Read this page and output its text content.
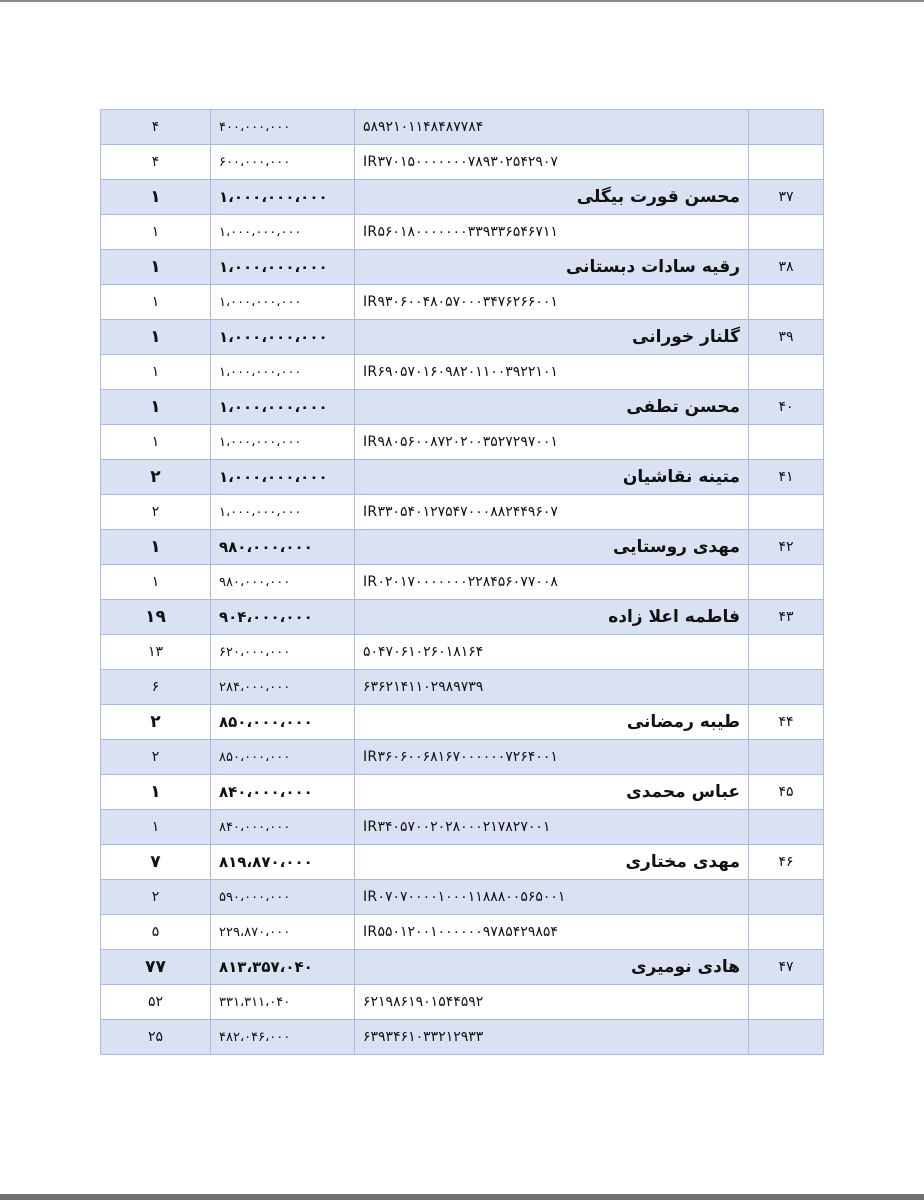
۴	۴۰۰،۰۰۰،۰۰۰	۵۸۹۲۱۰۱۱۴۸۴۸۷۷۸۴	
۴	۶۰۰،۰۰۰،۰۰۰	IR۳۷۰۱۵۰۰۰۰۰۰۰۷۸۹۳۰۲۵۴۲۹۰۷	
۱	۱،۰۰۰،۰۰۰،۰۰۰	محسن قورت بیگلی	۳۷
۱	۱،۰۰۰،۰۰۰،۰۰۰	IR۵۶۰۱۸۰۰۰۰۰۰۰۳۳۹۳۳۶۵۴۶۷۱۱	
۱	۱،۰۰۰،۰۰۰،۰۰۰	رقیه سادات دبستانی	۳۸
۱	۱،۰۰۰،۰۰۰،۰۰۰	IR۹۳۰۶۰۰۴۸۰۵۷۰۰۰۳۴۷۶۲۶۶۰۰۱	
۱	۱،۰۰۰،۰۰۰،۰۰۰	گلنار خورانی	۳۹
۱	۱،۰۰۰،۰۰۰،۰۰۰	IR۶۹۰۵۷۰۱۶۰۹۸۲۰۱۱۰۰۳۹۲۲۱۰۱	
۱	۱،۰۰۰،۰۰۰،۰۰۰	محسن تطفی	۴۰
۱	۱،۰۰۰،۰۰۰،۰۰۰	IR۹۸۰۵۶۰۰۸۷۲۰۲۰۰۳۵۲۷۲۹۷۰۰۱	
۲	۱،۰۰۰،۰۰۰،۰۰۰	متینه نقاشیان	۴۱
۲	۱،۰۰۰،۰۰۰،۰۰۰	IR۳۳۰۵۴۰۱۲۷۵۴۷۰۰۰۸۸۲۴۴۹۶۰۷	
۱	۹۸۰،۰۰۰،۰۰۰	مهدی روستایی	۴۲
۱	۹۸۰،۰۰۰،۰۰۰	IR۰۲۰۱۷۰۰۰۰۰۰۰۲۲۸۴۵۶۰۷۷۰۰۸	
۱۹	۹۰۴،۰۰۰،۰۰۰	فاطمه اعلا زاده	۴۳
۱۳	۶۲۰،۰۰۰،۰۰۰	۵۰۴۷۰۶۱۰۲۶۰۱۸۱۶۴	
۶	۲۸۴،۰۰۰،۰۰۰	۶۳۶۲۱۴۱۱۰۲۹۸۹۷۳۹	
۲	۸۵۰،۰۰۰،۰۰۰	طیبه رمضانی	۴۴
۲	۸۵۰،۰۰۰،۰۰۰	IR۳۶۰۶۰۰۶۸۱۶۷۰۰۰۰۰۰۷۲۶۴۰۰۱	
۱	۸۴۰،۰۰۰،۰۰۰	عباس محمدی	۴۵
۱	۸۴۰،۰۰۰،۰۰۰	IR۳۴۰۵۷۰۰۲۰۲۸۰۰۰۲۱۷۸۲۷۰۰۱	
۷	۸۱۹،۸۷۰،۰۰۰	مهدی مختاری	۴۶
۲	۵۹۰،۰۰۰،۰۰۰	IR۰۷۰۷۰۰۰۰۱۰۰۰۱۱۸۸۸۰۰۵۶۵۰۰۱	
۵	۲۲۹،۸۷۰،۰۰۰	IR۵۵۰۱۲۰۰۱۰۰۰۰۰۰۹۷۸۵۴۲۹۸۵۴	
۷۷	۸۱۳،۳۵۷،۰۴۰	هادی نومیری	۴۷
۵۲	۳۳۱،۳۱۱،۰۴۰	۶۲۱۹۸۶۱۹۰۱۵۴۴۵۹۲	
۲۵	۴۸۲،۰۴۶،۰۰۰	۶۳۹۳۴۶۱۰۳۳۲۱۲۹۳۳	
